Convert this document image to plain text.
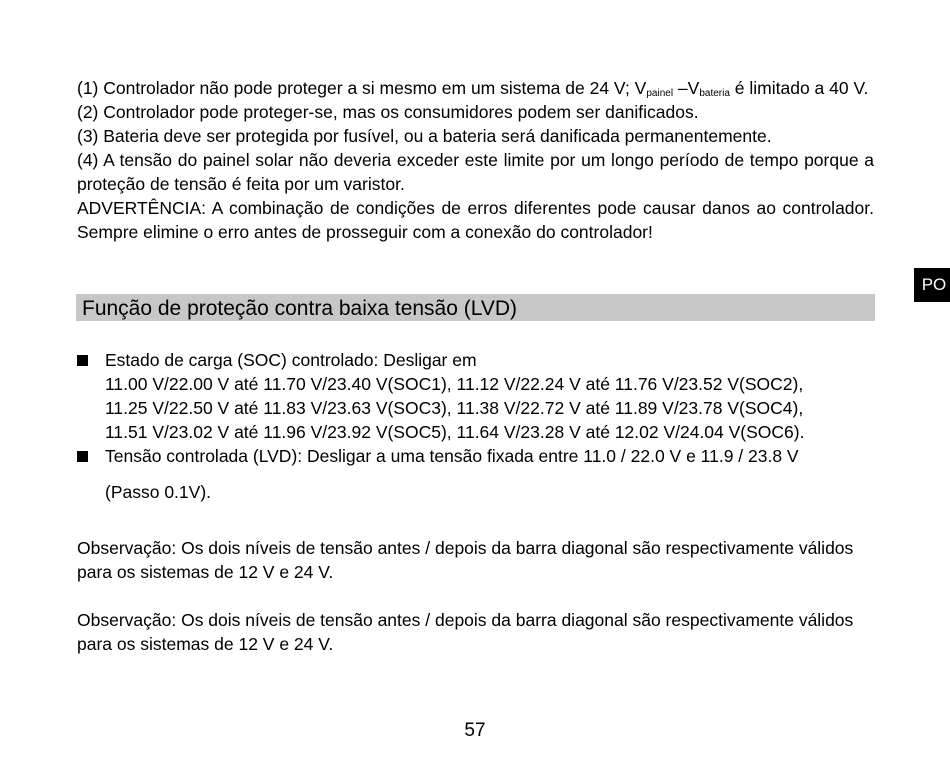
(1) Controlador não pode proteger a si mesmo em um sistema de 24 V; $V_{painel}$ $-V_{bateria}$ é limitado a 40 V.

(2) Controlador pode proteger-se, mas os consumidores podem ser danificados.

(3) Bateria deve ser protegida por fusível, ou a bateria será danificada permanentemente.

(4) A tensão do painel solar não deveria exceder este limite por um longo período de tempo porque a proteção de tensão é feita por um varistor.

ADVERTÊNCIA: A combinação de condições de erros diferentes pode causar danos ao controlador. Sempre elimine o erro antes de prosseguir com a conexão do controlador!

PO
Função de proteção contra baixa tensão (LVD)
Estado de carga (SOC) controlado: Desligar em
11.00 V/22.00 V até 11.70 V/23.40 V(SOC1), 11.12 V/22.24 V até 11.76 V/23.52 V(SOC2),
11.25 V/22.50 V até 11.83 V/23.63 V(SOC3), 11.38 V/22.72 V até 11.89 V/23.78 V(SOC4),
11.51 V/23.02 V até 11.96 V/23.92 V(SOC5), 11.64 V/23.28 V até 12.02 V/24.04 V(SOC6).
Tensão controlada (LVD): Desligar a uma tensão fixada entre 11.0 / 22.0 V e 11.9 / 23.8 V
(Passo 0.1V).
Observação: Os dois níveis de tensão antes / depois da barra diagonal são respectivamente válidos para os sistemas de 12 V e 24 V.
Observação: Os dois níveis de tensão antes / depois da barra diagonal são respectivamente válidos para os sistemas de 12 V e 24 V.
57
